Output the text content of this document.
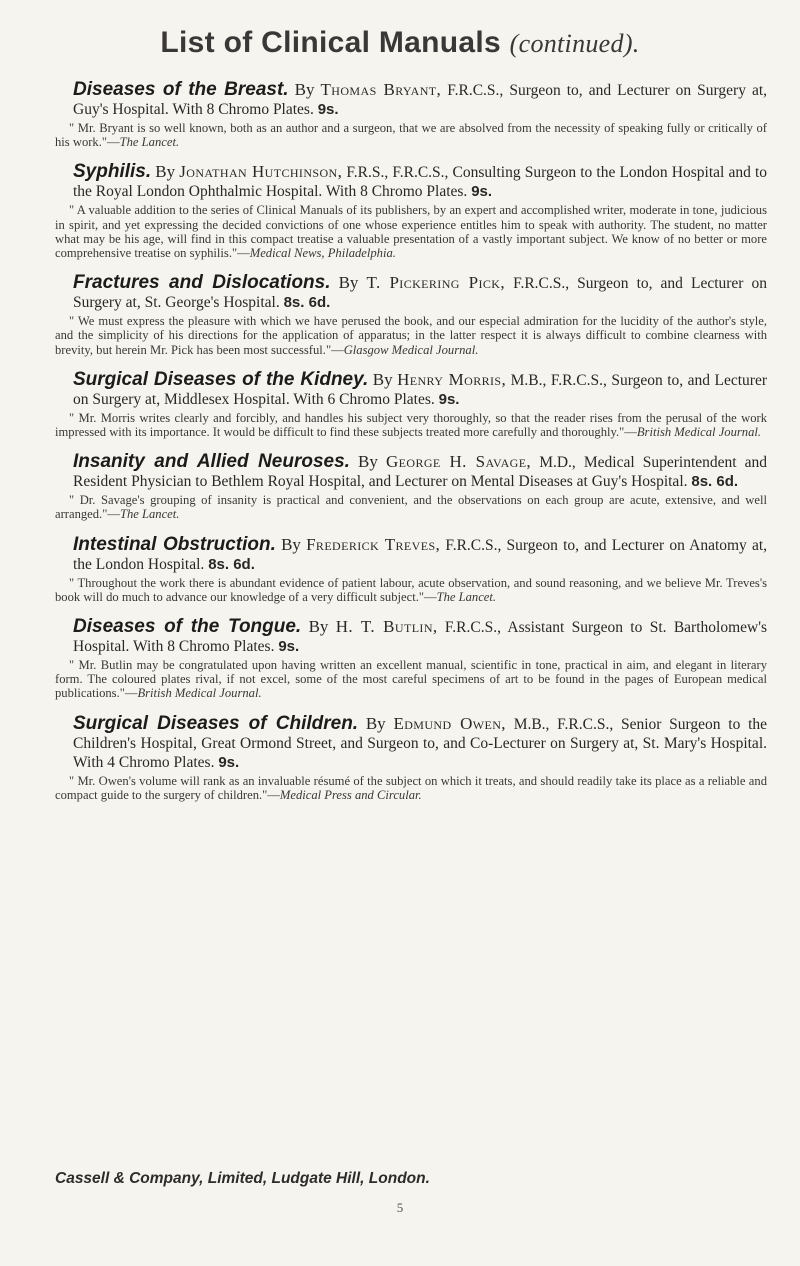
List of Clinical Manuals (continued).
Diseases of the Breast. By Thomas Bryant, F.R.C.S., Surgeon to, and Lecturer on Surgery at, Guy's Hospital. With 8 Chromo Plates. 9s.
" Mr. Bryant is so well known, both as an author and a surgeon, that we are absolved from the necessity of speaking fully or critically of his work."—The Lancet.
Syphilis. By Jonathan Hutchinson, F.R.S., F.R.C.S., Consulting Surgeon to the London Hospital and to the Royal London Ophthalmic Hospital. With 8 Chromo Plates. 9s.
" A valuable addition to the series of Clinical Manuals of its publishers, by an expert and accomplished writer, moderate in tone, judicious in spirit, and yet expressing the decided convictions of one whose experience entitles him to speak with authority. The student, no matter what may be his age, will find in this compact treatise a valuable presentation of a vastly important subject. We know of no better or more comprehensive treatise on syphilis."—Medical News, Philadelphia.
Fractures and Dislocations. By T. Pickering Pick, F.R.C.S., Surgeon to, and Lecturer on Surgery at, St. George's Hospital. 8s. 6d.
" We must express the pleasure with which we have perused the book, and our especial admiration for the lucidity of the author's style, and the simplicity of his directions for the application of apparatus; in the latter respect it is always difficult to combine clearness with brevity, but herein Mr. Pick has been most successful."—Glasgow Medical Journal.
Surgical Diseases of the Kidney. By Henry Morris, M.B., F.R.C.S., Surgeon to, and Lecturer on Surgery at, Middlesex Hospital. With 6 Chromo Plates. 9s.
" Mr. Morris writes clearly and forcibly, and handles his subject very thoroughly, so that the reader rises from the perusal of the work impressed with its importance. It would be difficult to find these subjects treated more carefully and thoroughly."—British Medical Journal.
Insanity and Allied Neuroses. By George H. Savage, M.D., Medical Superintendent and Resident Physician to Bethlem Royal Hospital, and Lecturer on Mental Diseases at Guy's Hospital. 8s. 6d.
" Dr. Savage's grouping of insanity is practical and convenient, and the observations on each group are acute, extensive, and well arranged."—The Lancet.
Intestinal Obstruction. By Frederick Treves, F.R.C.S., Surgeon to, and Lecturer on Anatomy at, the London Hospital. 8s. 6d.
" Throughout the work there is abundant evidence of patient labour, acute observation, and sound reasoning, and we believe Mr. Treves's book will do much to advance our knowledge of a very difficult subject."—The Lancet.
Diseases of the Tongue. By H. T. Butlin, F.R.C.S., Assistant Surgeon to St. Bartholomew's Hospital. With 8 Chromo Plates. 9s.
" Mr. Butlin may be congratulated upon having written an excellent manual, scientific in tone, practical in aim, and elegant in literary form. The coloured plates rival, if not excel, some of the most careful specimens of art to be found in the pages of European medical publications."—British Medical Journal.
Surgical Diseases of Children. By Edmund Owen, M.B., F.R.C.S., Senior Surgeon to the Children's Hospital, Great Ormond Street, and Surgeon to, and Co-Lecturer on Surgery at, St. Mary's Hospital. With 4 Chromo Plates. 9s.
" Mr. Owen's volume will rank as an invaluable résumé of the subject on which it treats, and should readily take its place as a reliable and compact guide to the surgery of children."—Medical Press and Circular.
Cassell & Company, Limited, Ludgate Hill, London.
5
